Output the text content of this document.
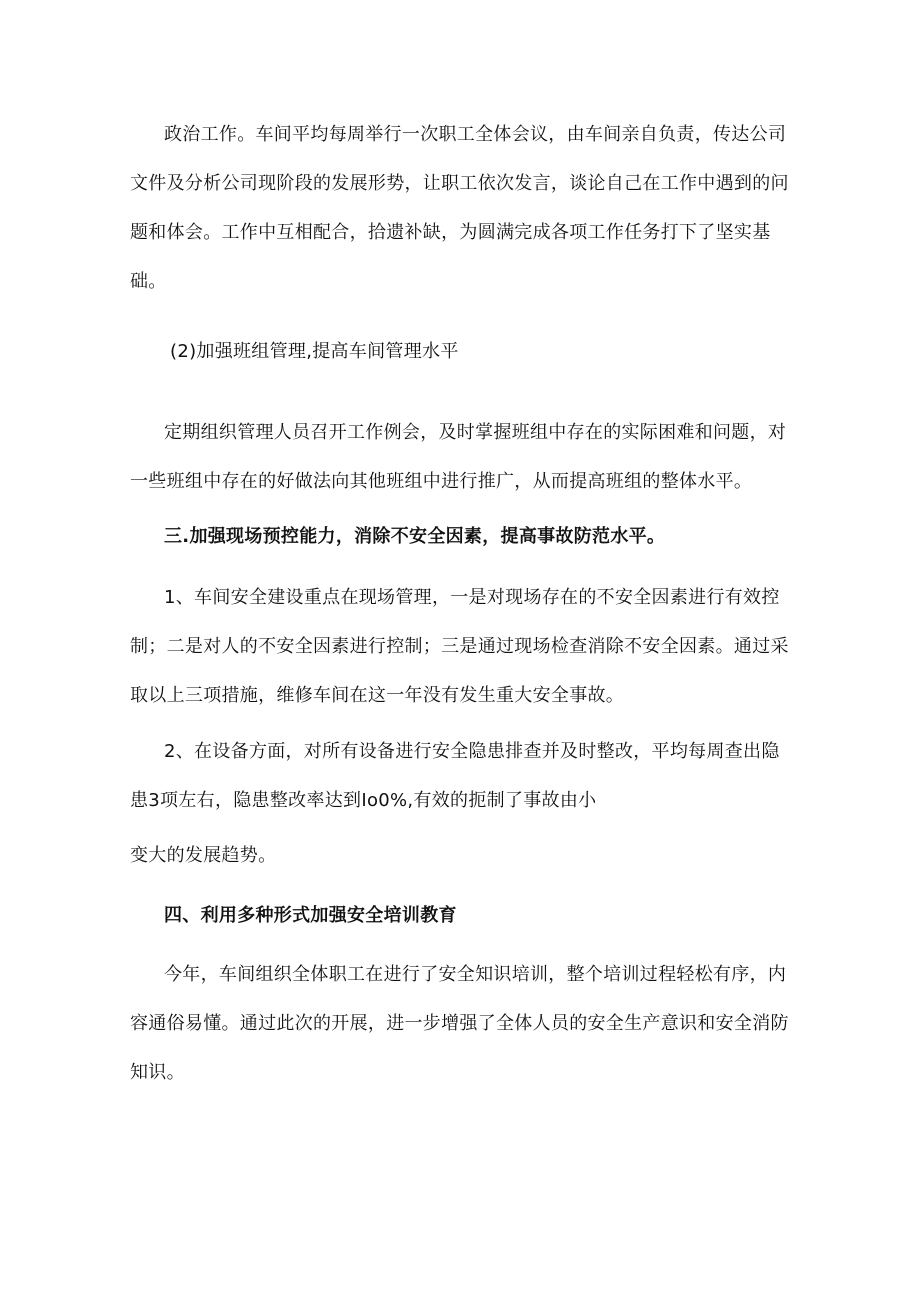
政治工作。车间平均每周举行一次职工全体会议，由车间亲自负责，传达公司文件及分析公司现阶段的发展形势，让职工依次发言，谈论自己在工作中遇到的问题和体会。工作中互相配合，拾遗补缺，为圆满完成各项工作任务打下了坚实基础。

(2)加强班组管理,提高车间管理水平

定期组织管理人员召开工作例会，及时掌握班组中存在的实际困难和问题，对一些班组中存在的好做法向其他班组中进行推广，从而提高班组的整体水平。

三.加强现场预控能力，消除不安全因素，提高事故防范水平。

1、车间安全建设重点在现场管理，一是对现场存在的不安全因素进行有效控制；二是对人的不安全因素进行控制；三是通过现场检查消除不安全因素。通过采取以上三项措施，维修车间在这一年没有发生重大安全事故。

2、在设备方面，对所有设备进行安全隐患排查并及时整改，平均每周查出隐患3项左右，隐患整改率达到Io0%,有效的扼制了事故由小

变大的发展趋势。

四、利用多种形式加强安全培训教育

今年，车间组织全体职工在进行了安全知识培训，整个培训过程轻松有序，内容通俗易懂。通过此次的开展，进一步增强了全体人员的安全生产意识和安全消防知识。
